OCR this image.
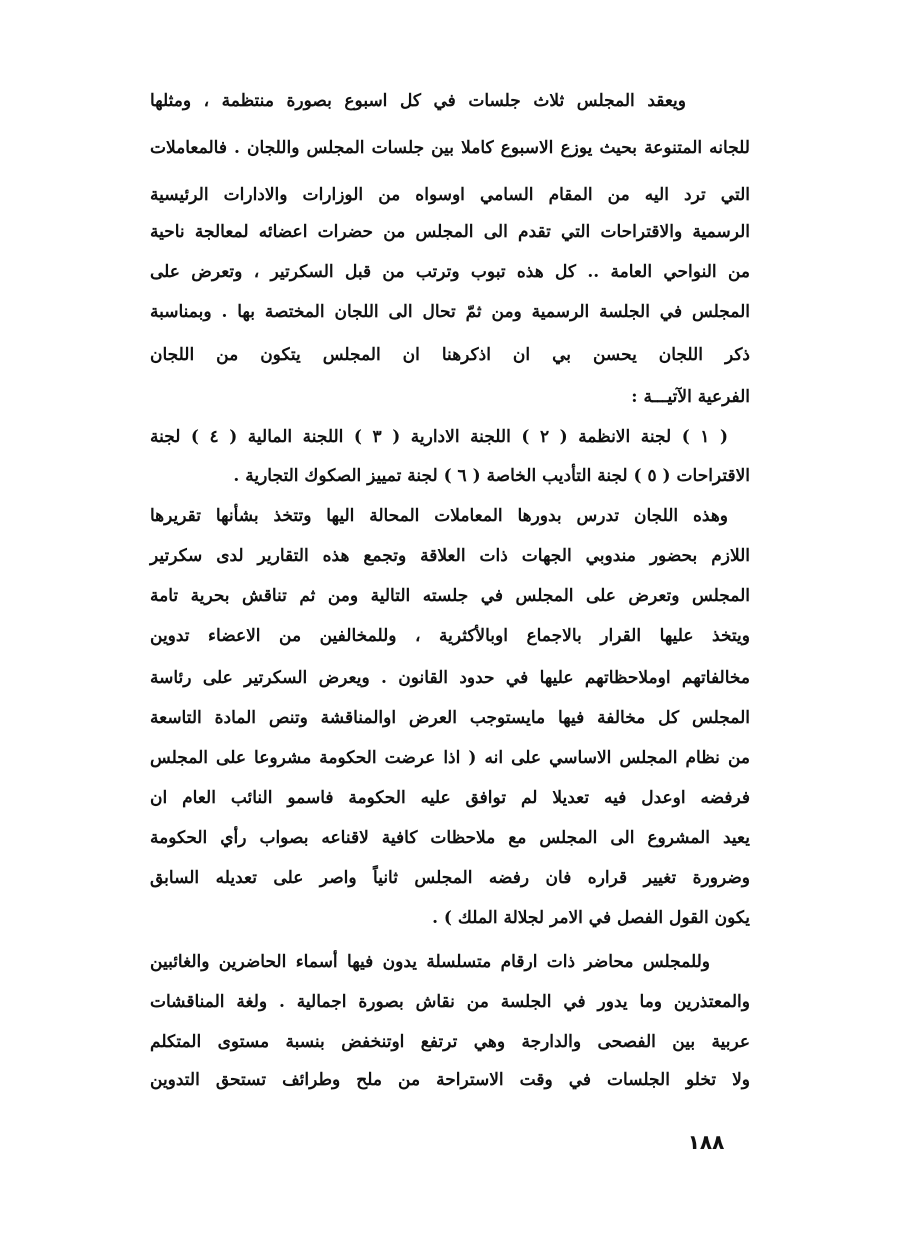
ويعقد المجلس ثلاث جلسات في كل اسبوع بصورة منتظمة ، ومثلها
للجانه المتنوعة بحيث يوزع الاسبوع كاملا بين جلسات المجلس واللجان . فالمعاملات
التي ترد اليه من المقام السامي اوسواه من الوزارات والادارات الرئيسية
الرسمية والاقتراحات التي تقدم الى المجلس من حضرات اعضائه لمعالجة ناحية
من النواحي العامة .. كل هذه تبوب وترتب من قبل السكرتير ، وتعرض على
المجلس في الجلسة الرسمية ومن ثمّ تحال الى اللجان المختصة بها . وبمناسبة
ذكر اللجان يحسن بي ان اذكرهنا ان المجلس يتكون من اللجان
الفرعية الآتيـــة :
( ١ ) لجنة الانظمة ( ٢ ) اللجنة الادارية ( ٣ ) اللجنة المالية ( ٤ ) لجنة
الاقتراحات ( ٥ ) لجنة التأديب الخاصة ( ٦ ) لجنة تمييز الصكوك التجارية .
وهذه اللجان تدرس بدورها المعاملات المحالة اليها وتتخذ بشأنها تقريرها
اللازم بحضور مندوبي الجهات ذات العلاقة وتجمع هذه التقارير لدى سكرتير
المجلس وتعرض على المجلس في جلسته التالية ومن ثم تناقش بحرية تامة
ويتخذ عليها القرار بالاجماع اوبالأكثرية ، وللمخالفين من الاعضاء تدوين
مخالفاتهم اوملاحظاتهم عليها في حدود القانون . ويعرض السكرتير على رئاسة
المجلس كل مخالفة فيها مايستوجب العرض اوالمناقشة وتنص المادة التاسعة
من نظام المجلس الاساسي على انه ( اذا عرضت الحكومة مشروعا على المجلس
فرفضه اوعدل فيه تعديلا لم توافق عليه الحكومة فاسمو النائب العام ان
يعيد المشروع الى المجلس مع ملاحظات كافية لاقناعه بصواب رأي الحكومة
وضرورة تغيير قراره فان رفضه المجلس ثانياً واصر على تعديله السابق
يكون القول الفصل في الامر لجلالة الملك ) .
وللمجلس محاضر ذات ارقام متسلسلة يدون فيها أسماء الحاضرين والغائبين
والمعتذرين وما يدور في الجلسة من نقاش بصورة اجمالية . ولغة المناقشات
عربية بين الفصحى والدارجة وهي ترتفع اوتنخفض بنسبة مستوى المتكلم
ولا تخلو الجلسات في وقت الاستراحة من ملح وطرائف تستحق التدوين
١٨٨
